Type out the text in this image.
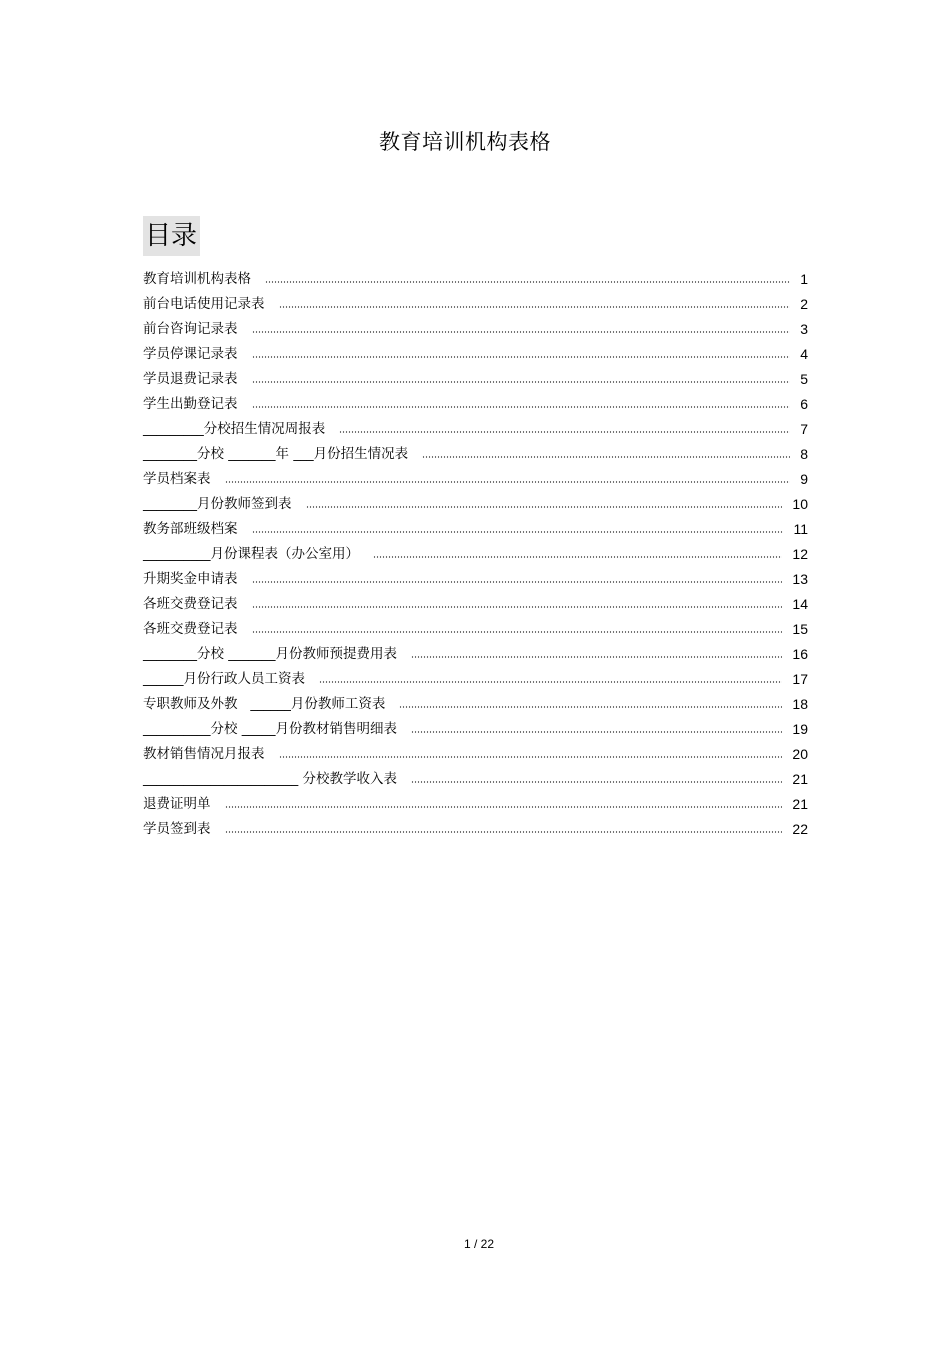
教育培训机构表格
目录
教育培训机构表格	1
前台电话使用记录表	2
前台咨询记录表	3
学员停课记录表	4
学员退费记录表	5
学生出勤登记表	6
_________分校招生情况周报表	7
________分校 _______年 ___月份招生情况表	8
学员档案表	9
________月份教师签到表	10
教务部班级档案	11
__________月份课程表（办公室用）	12
升期奖金申请表	13
各班交费登记表	14
各班交费登记表	15
________分校 _______月份教师预提费用表	16
______月份行政人员工资表	17
专职教师及外教   ______月份教师工资表	18
__________分校 _____月份教材销售明细表	19
教材销售情况月报表	20
_______________________ 分校教学收入表	21
退费证明单	21
学员签到表	22
1 / 22
